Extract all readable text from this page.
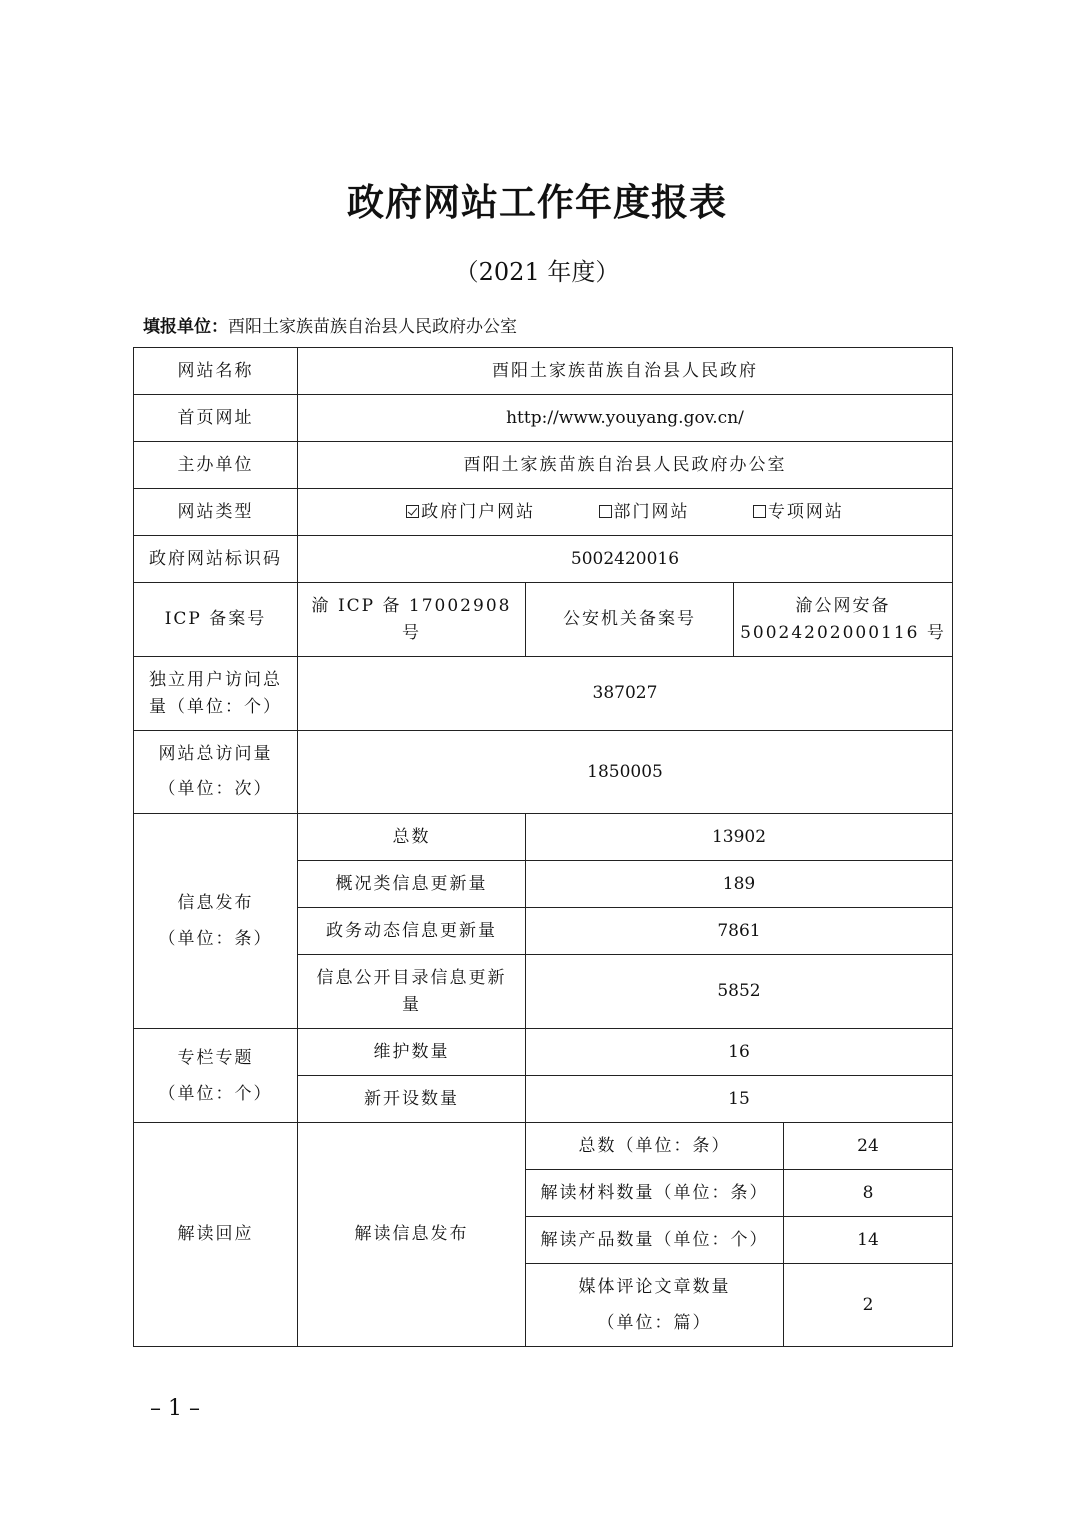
政府网站工作年度报表
（2021 年度）
填报单位：酉阳土家族苗族自治县人民政府办公室
网站名称	酉阳土家族苗族自治县人民政府			
首页网址	http://www.youyang.gov.cn/			
主办单位	酉阳土家族苗族自治县人民政府办公室			
网站类型	政府门户网站 部门网站 专项网站			
政府网站标识码	5002420016			
ICP 备案号	渝 ICP 备 17002908 号	公安机关备案号	渝公网安备
50024202000116 号	
独立用户访问总
量（单位：个）	387027			
网站总访问量
（单位：次）	1850005			
信息发布
（单位：条）	总数	13902		
	概况类信息更新量	189		
	政务动态信息更新量	7861		
	信息公开目录信息更新
量	5852		
专栏专题
（单位：个）	维护数量	16		
	新开设数量	15		
解读回应	解读信息发布	总数（单位：条）		24
		解读材料数量（单位：条）		8
		解读产品数量（单位：个）		14
		媒体评论文章数量
（单位：篇）		2
– 1 –
